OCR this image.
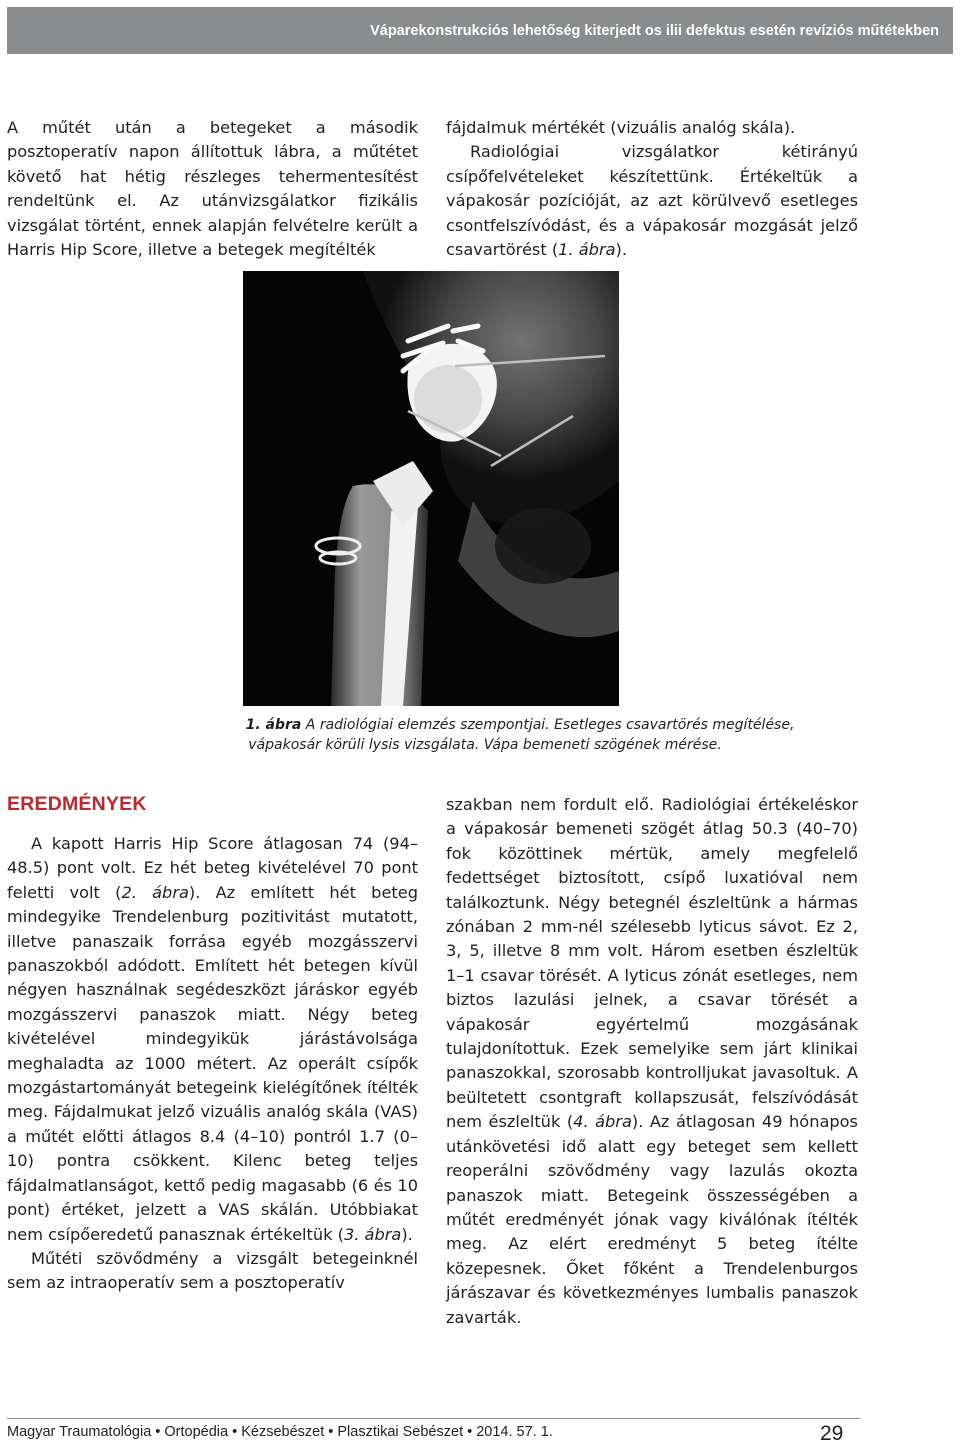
Váparekonstrukciós lehetőség kiterjedt os ilii defektus esetén revíziós műtétekben

A műtét után a betegeket a második posztoperatív napon állítottuk lábra, a műtétet követő hat hétig részleges tehermentesítést rendeltünk el. Az utánvizsgálatkor fizikális vizsgálat történt, ennek alapján felvételre került a Harris Hip Score, illetve a betegek megítélték

fájdalmuk mértékét (vizuális analóg skála).

Radiológiai vizsgálatkor kétirányú csípőfelvételeket készítettünk. Értékeltük a vápakosár pozícióját, az azt körülvevő esetleges csontfelszívódást, és a vápakosár mozgását jelző csavartörést (1. ábra).

1. ábra A radiológiai elemzés szempontjai. Esetleges csavartörés megítélése,
vápakosár körüli lysis vizsgálata. Vápa bemeneti szögének mérése.
EREDMÉNYEK

A kapott Harris Hip Score átlagosan 74 (94–48.5) pont volt. Ez hét beteg kivételével 70 pont feletti volt (2. ábra). Az említett hét beteg mindegyike Trendelenburg pozitivitást mutatott, illetve panaszaik forrása egyéb mozgásszervi panaszokból adódott. Említett hét betegen kívül négyen használnak segédeszközt járáskor egyéb mozgásszervi panaszok miatt. Négy beteg kivételével mindegyikük járástávolsága meghaladta az 1000 métert. Az operált csípők mozgástartományát betegeink kielégítőnek ítélték meg. Fájdalmukat jelző vizuális analóg skála (VAS) a műtét előtti átlagos 8.4 (4–10) pontról 1.7 (0–10) pontra csökkent. Kilenc beteg teljes fájdalmatlanságot, kettő pedig magasabb (6 és 10 pont) értéket, jelzett a VAS skálán. Utóbbiakat nem csípőeredetű panasznak értékeltük (3. ábra).

Műtéti szövődmény a vizsgált betegeinknél sem az intraoperatív sem a posztoperatív

szakban nem fordult elő. Radiológiai értékeléskor a vápakosár bemeneti szögét átlag 50.3 (40–70) fok közöttinek mértük, amely megfelelő fedettséget biztosított, csípő luxatióval nem találkoztunk. Négy betegnél észleltünk a hármas zónában 2 mm-nél szélesebb lyticus sávot. Ez 2, 3, 5, illetve 8 mm volt. Három esetben észleltük 1–1 csavar törését. A lyticus zónát esetleges, nem biztos lazulási jelnek, a csavar törését a vápakosár egyértelmű mozgásának tulajdonítottuk. Ezek semelyike sem járt klinikai panaszokkal, szorosabb kontrolljukat javasoltuk. A beültetett csontgraft kollapszusát, felszívódását nem észleltük (4. ábra). Az átlagosan 49 hónapos utánkövetési idő alatt egy beteget sem kellett reoperálni szövődmény vagy lazulás okozta panaszok miatt. Betegeink összességében a műtét eredményét jónak vagy kiválónak ítélték meg. Az elért eredményt 5 beteg ítélte közepesnek. Őket főként a Trendelenburgos járászavar és következményes lumbalis panaszok zavarták.

Magyar Traumatológia • Ortopédia • Kézsebészet • Plasztikai Sebészet • 2014. 57. 1.	29
